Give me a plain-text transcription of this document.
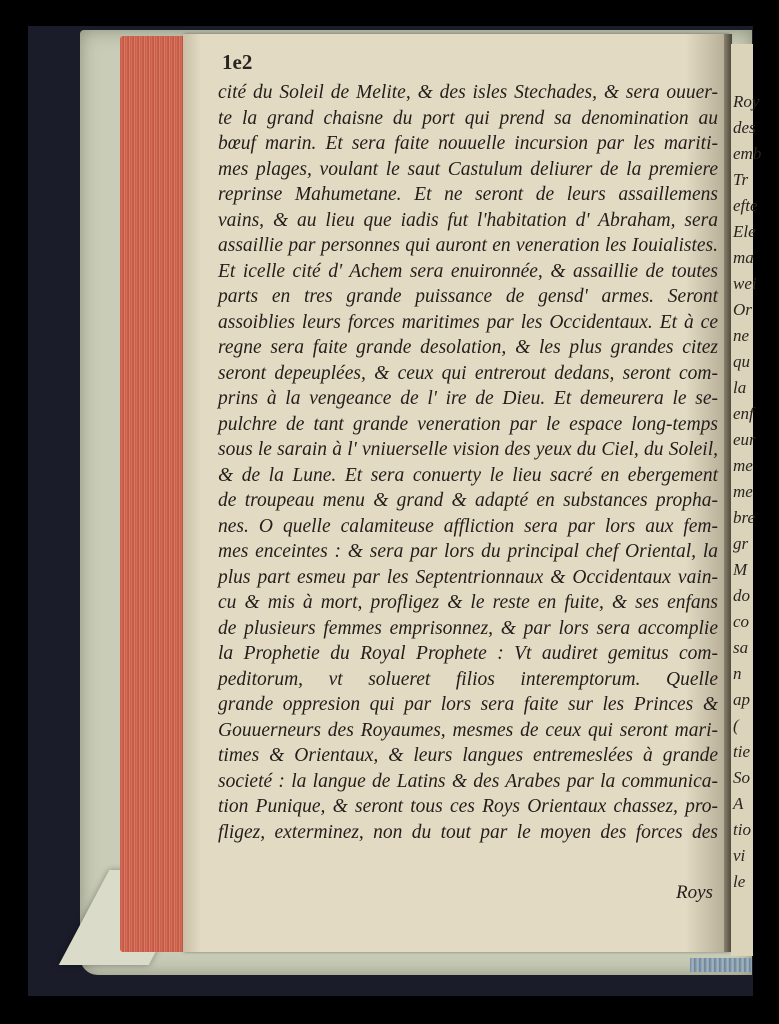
Roy

des

emb

Tr

efte

Ele

ma

wei

Or

ne

qu

la

enf

eur

me

me

bre

gr

M

do

co

sa

n

ap

(

tie

So

A

tio

vi

le

1e2

cité du Soleil de Melite, & des isles Stechades, & sera ouuer-

te la grand chaisne du port qui prend sa denomination au

bœuf marin. Et sera faite nouuelle incursion par les mariti-

mes plages, voulant le saut Castulum deliurer de la premiere

reprinse Mahumetane. Et ne seront de leurs assaillemens

vains, & au lieu que iadis fut l'habitation d' Abraham, sera

assaillie par personnes qui auront en veneration les Iouialistes.

Et icelle cité d' Achem sera enuironnée, & assaillie de toutes

parts en tres grande puissance de gensd' armes. Seront

assoiblies leurs forces maritimes par les Occidentaux. Et à ce

regne sera faite grande desolation, & les plus grandes citez

seront depeuplées, & ceux qui entrerout dedans, seront com-

prins à la vengeance de l' ire de Dieu. Et demeurera le se-

pulchre de tant grande veneration par le espace long-temps

sous le sarain à l' vniuerselle vision des yeux du Ciel, du Soleil,

& de la Lune. Et sera conuerty le lieu sacré en ebergement

de troupeau menu & grand & adapté en substances propha-

nes. O quelle calamiteuse affliction sera par lors aux fem-

mes enceintes : & sera par lors du principal chef Oriental, la

plus part esmeu par les Septentrionnaux & Occidentaux vain-

cu & mis à mort, profligez & le reste en fuite, & ses enfans

de plusieurs femmes emprisonnez, & par lors sera accomplie

la Prophetie du Royal Prophete : Vt audiret gemitus com-

peditorum, vt solueret filios interemptorum. Quelle

grande oppresion qui par lors sera faite sur les Princes &

Gouuerneurs des Royaumes, mesmes de ceux qui seront mari-

times & Orientaux, & leurs langues entremeslées à grande

societé : la langue de Latins & des Arabes par la communica-

tion Punique, & seront tous ces Roys Orientaux chassez, pro-

fligez, exterminez, non du tout par le moyen des forces des

Roys
